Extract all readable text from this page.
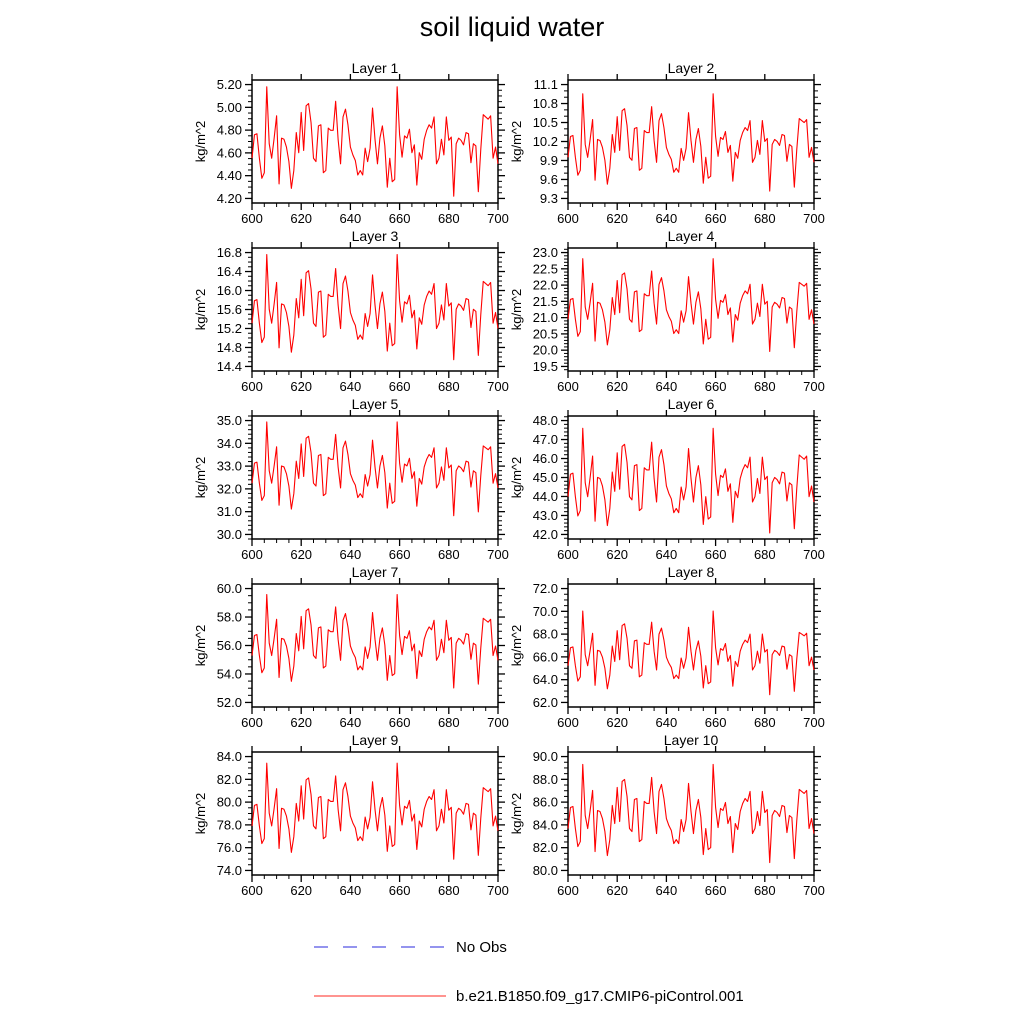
soil liquid water
Layer 1
kg/m^2
4.20
4.40
4.60
4.80
5.00
5.20
600 620 640 660 680 700
Layer 2
kg/m^2
9.3
9.6
9.9
10.2
10.5
10.8
11.1
600 620 640 660 680 700
Layer 3
kg/m^2
14.4
14.8
15.2
15.6
16.0
16.4
16.8
600 620 640 660 680 700
Layer 4
kg/m^2
19.5
20.0
20.5
21.0
21.5
22.0
22.5
23.0
600 620 640 660 680 700
Layer 5
kg/m^2
30.0
31.0
32.0
33.0
34.0
35.0
600 620 640 660 680 700
Layer 6
kg/m^2
42.0
43.0
44.0
45.0
46.0
47.0
48.0
600 620 640 660 680 700
Layer 7
kg/m^2
52.0
54.0
56.0
58.0
60.0
600 620 640 660 680 700
Layer 8
kg/m^2
62.0
64.0
66.0
68.0
70.0
72.0
600 620 640 660 680 700
Layer 9
kg/m^2
74.0
76.0
78.0
80.0
82.0
84.0
600 620 640 660 680 700
Layer 10
kg/m^2
80.0
82.0
84.0
86.0
88.0
90.0
600 620 640 660 680 700
No Obs
b.e21.B1850.f09_g17.CMIP6-piControl.001
